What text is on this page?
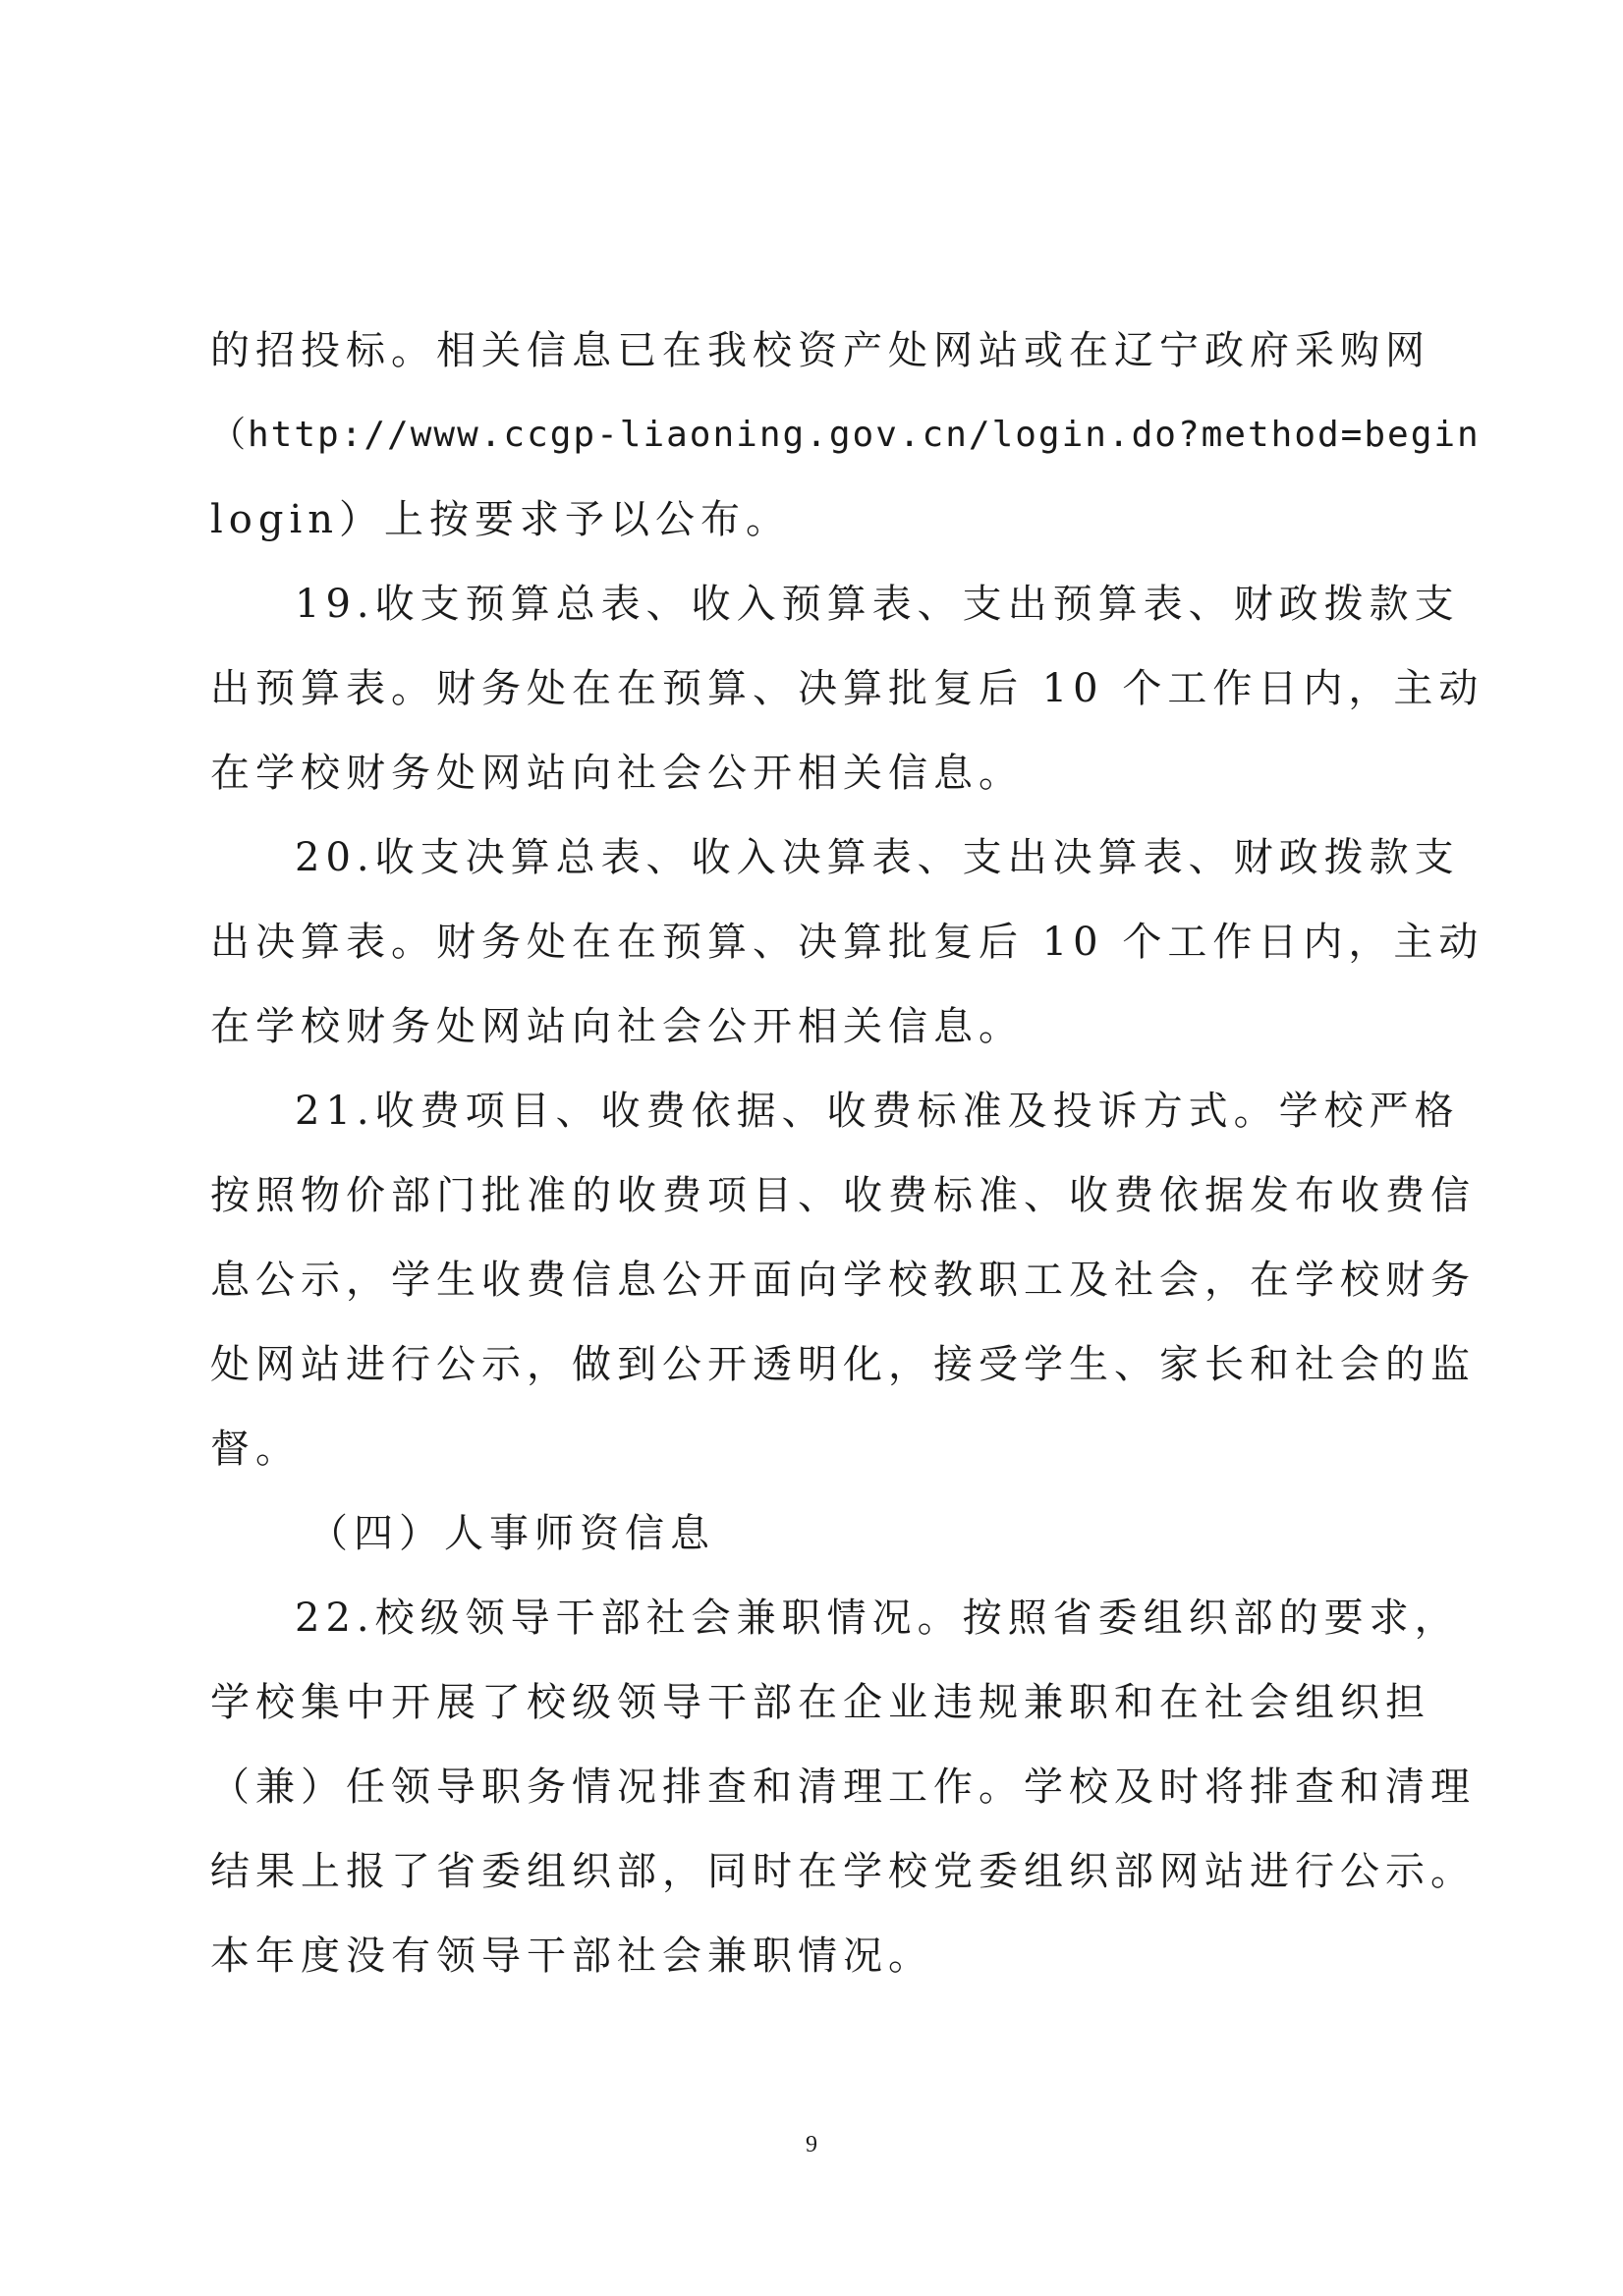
的招投标。相关信息已在我校资产处网站或在辽宁政府采购网
（http://www.ccgp-liaoning.gov.cn/login.do?method=begin
login）上按要求予以公布。
19.收支预算总表、收入预算表、支出预算表、财政拨款支
出预算表。财务处在在预算、决算批复后 10 个工作日内，主动
在学校财务处网站向社会公开相关信息。
20.收支决算总表、收入决算表、支出决算表、财政拨款支
出决算表。财务处在在预算、决算批复后 10 个工作日内，主动
在学校财务处网站向社会公开相关信息。
21.收费项目、收费依据、收费标准及投诉方式。学校严格
按照物价部门批准的收费项目、收费标准、收费依据发布收费信
息公示，学生收费信息公开面向学校教职工及社会，在学校财务
处网站进行公示，做到公开透明化，接受学生、家长和社会的监
督。
（四）人事师资信息
22.校级领导干部社会兼职情况。按照省委组织部的要求，
学校集中开展了校级领导干部在企业违规兼职和在社会组织担
（兼）任领导职务情况排查和清理工作。学校及时将排查和清理
结果上报了省委组织部，同时在学校党委组织部网站进行公示。
本年度没有领导干部社会兼职情况。
9
